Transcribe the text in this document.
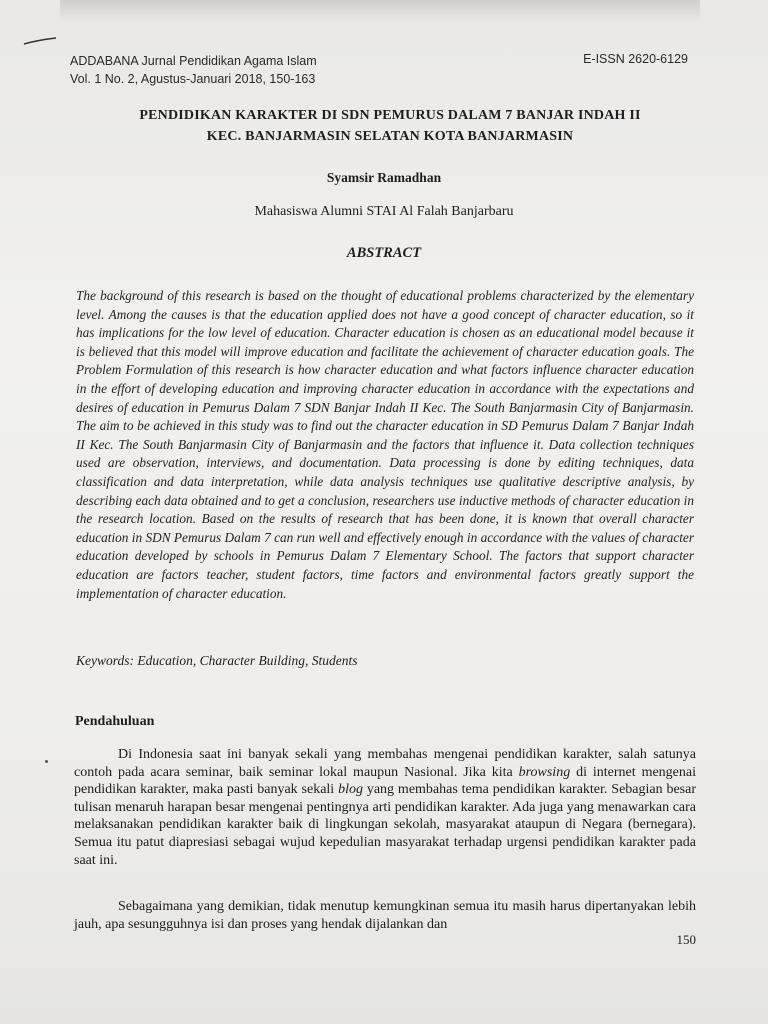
ADDABANA Jurnal Pendidikan Agama Islam
Vol. 1 No. 2, Agustus-Januari 2018, 150-163
E-ISSN 2620-6129
PENDIDIKAN KARAKTER DI SDN PEMURUS DALAM 7 BANJAR INDAH II
KEC. BANJARMASIN SELATAN KOTA BANJARMASIN
Syamsir Ramadhan
Mahasiswa Alumni STAI Al Falah Banjarbaru
ABSTRACT
The background of this research is based on the thought of educational problems characterized by the elementary level. Among the causes is that the education applied does not have a good concept of character education, so it has implications for the low level of education. Character education is chosen as an educational model because it is believed that this model will improve education and facilitate the achievement of character education goals. The Problem Formulation of this research is how character education and what factors influence character education in the effort of developing education and improving character education in accordance with the expectations and desires of education in Pemurus Dalam 7 SDN Banjar Indah II Kec. The South Banjarmasin City of Banjarmasin. The aim to be achieved in this study was to find out the character education in SD Pemurus Dalam 7 Banjar Indah II Kec. The South Banjarmasin City of Banjarmasin and the factors that influence it. Data collection techniques used are observation, interviews, and documentation. Data processing is done by editing techniques, data classification and data interpretation, while data analysis techniques use qualitative descriptive analysis, by describing each data obtained and to get a conclusion, researchers use inductive methods of character education in the research location. Based on the results of research that has been done, it is known that overall character education in SDN Pemurus Dalam 7 can run well and effectively enough in accordance with the values of character education developed by schools in Pemurus Dalam 7 Elementary School. The factors that support character education are factors teacher, student factors, time factors and environmental factors greatly support the implementation of character education.
Keywords: Education, Character Building, Students
Pendahuluan
Di Indonesia saat ini banyak sekali yang membahas mengenai pendidikan karakter, salah satunya contoh pada acara seminar, baik seminar lokal maupun Nasional. Jika kita browsing di internet mengenai pendidikan karakter, maka pasti banyak sekali blog yang membahas tema pendidikan karakter. Sebagian besar tulisan menaruh harapan besar mengenai pentingnya arti pendidikan karakter. Ada juga yang menawarkan cara melaksanakan pendidikan karakter baik di lingkungan sekolah, masyarakat ataupun di Negara (bernegara). Semua itu patut diapresiasi sebagai wujud kepedulian masyarakat terhadap urgensi pendidikan karakter pada saat ini.
Sebagaimana yang demikian, tidak menutup kemungkinan semua itu masih harus dipertanyakan lebih jauh, apa sesungguhnya isi dan proses yang hendak dijalankan dan
150
